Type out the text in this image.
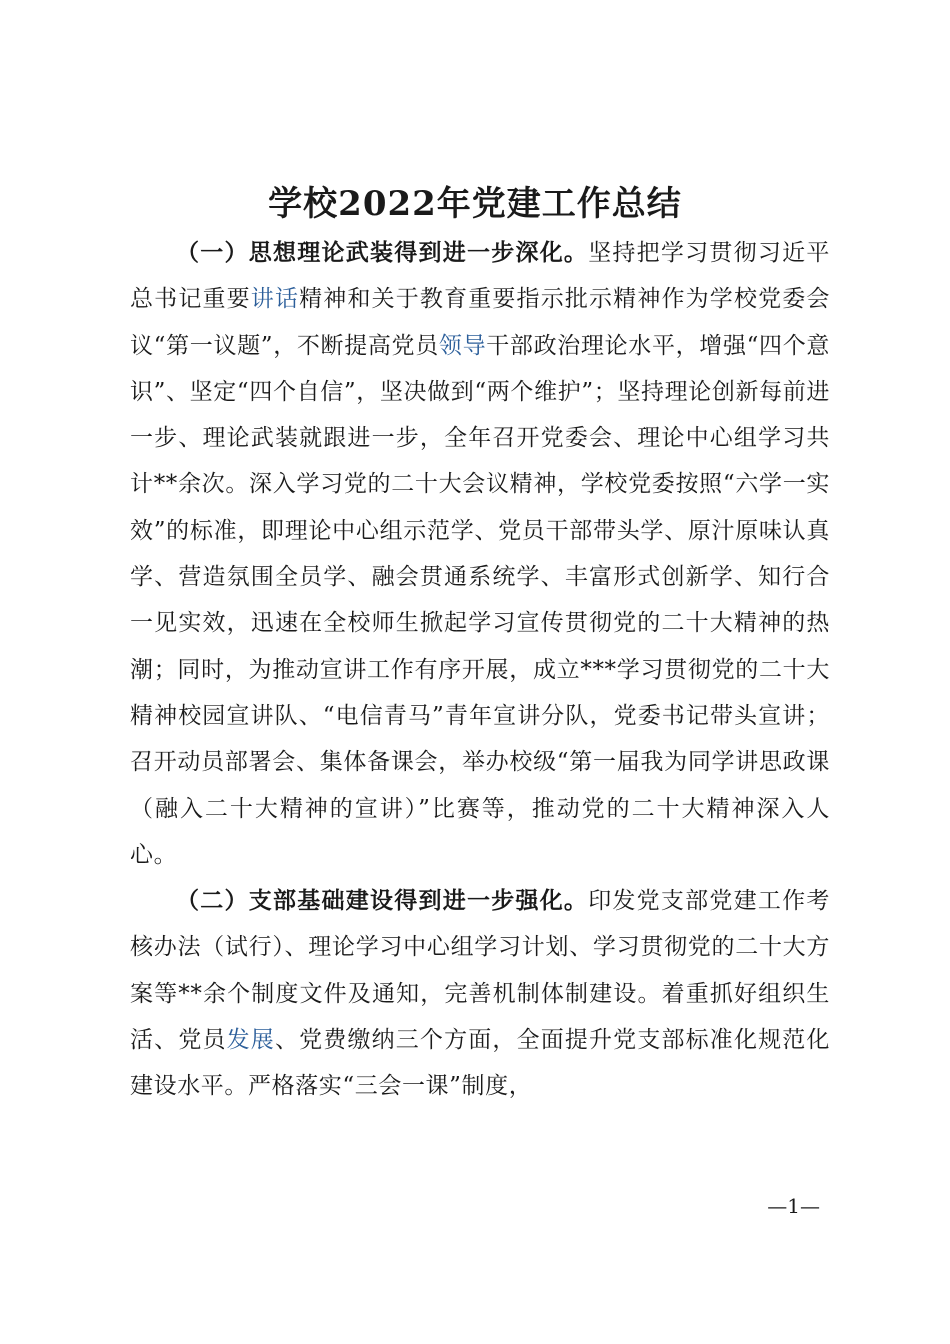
学校2022年党建工作总结

（一）思想理论武装得到进一步深化。坚持把学习贯彻习近平总书记重要讲话精神和关于教育重要指示批示精神作为学校党委会议“第一议题”，不断提高党员领导干部政治理论水平，增强“四个意识”、坚定“四个自信”，坚决做到“两个维护”；坚持理论创新每前进一步、理论武装就跟进一步，全年召开党委会、理论中心组学习共计**余次。深入学习党的二十大会议精神，学校党委按照“六学一实效”的标准，即理论中心组示范学、党员干部带头学、原汁原味认真学、营造氛围全员学、融会贯通系统学、丰富形式创新学、知行合一见实效，迅速在全校师生掀起学习宣传贯彻党的二十大精神的热潮；同时，为推动宣讲工作有序开展，成立***学习贯彻党的二十大精神校园宣讲队、“电信青马”青年宣讲分队，党委书记带头宣讲；召开动员部署会、集体备课会，举办校级“第一届我为同学讲思政课（融入二十大精神的宣讲）”比赛等，推动党的二十大精神深入人心。

（二）支部基础建设得到进一步强化。印发党支部党建工作考核办法（试行）、理论学习中心组学习计划、学习贯彻党的二十大方案等**余个制度文件及通知，完善机制体制建设。着重抓好组织生活、党员发展、党费缴纳三个方面，全面提升党支部标准化规范化建设水平。严格落实“三会一课”制度，

—1—
